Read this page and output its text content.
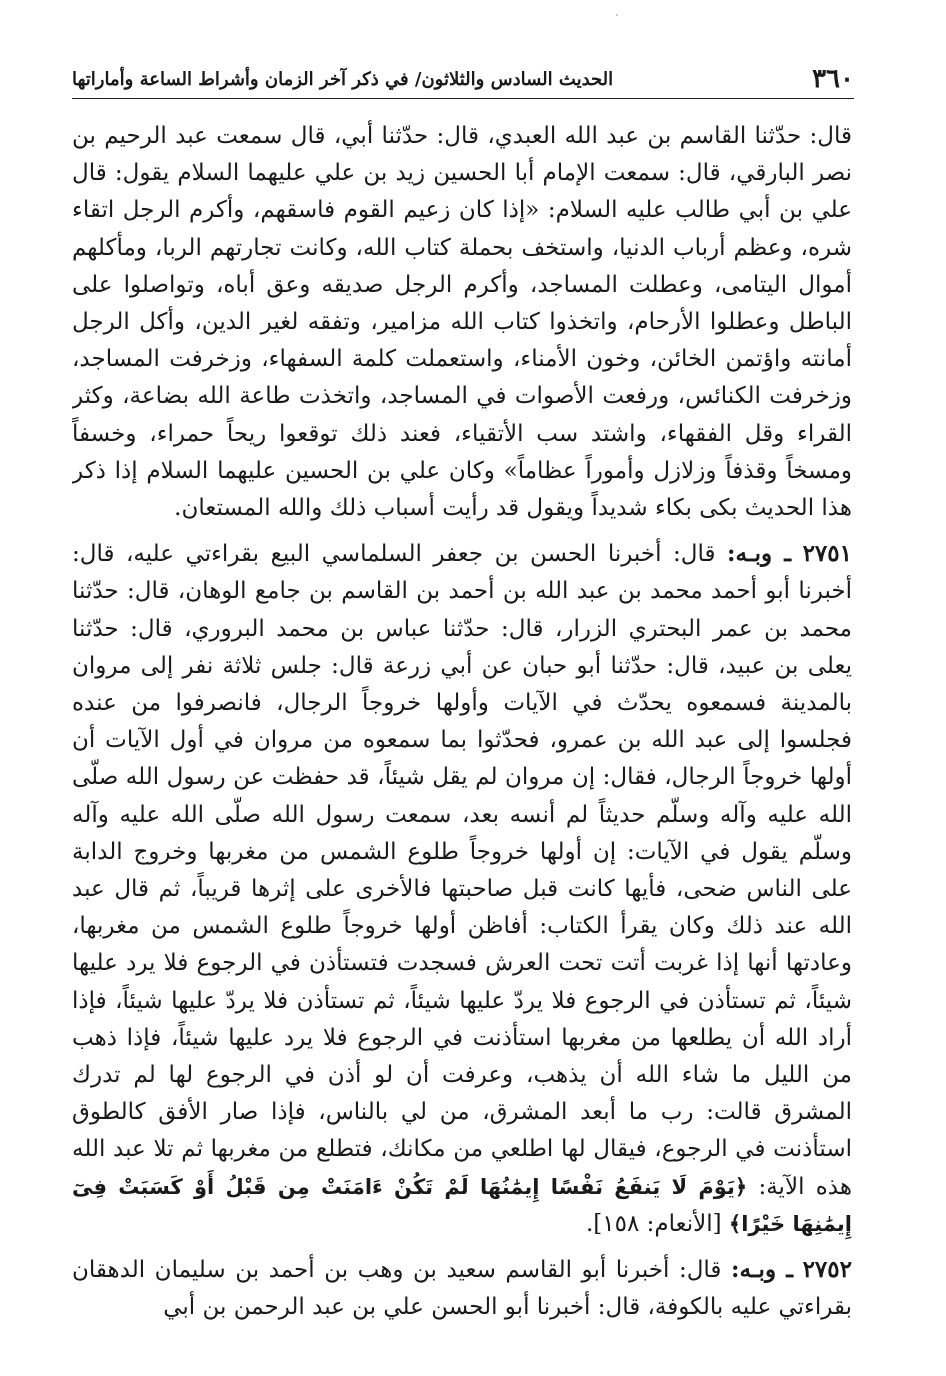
٣٦٠
الحديث السادس والثلاثون/ في ذكر آخر الزمان وأشراط الساعة وأماراتها

قال: حدّثنا القاسم بن عبد الله العبدي، قال: حدّثنا أبي، قال سمعت عبد الرحيم بن نصر البارقي، قال: سمعت الإمام أبا الحسين زيد بن علي عليهما السلام يقول: قال علي بن أبي طالب عليه السلام: «إذا كان زعيم القوم فاسقهم، وأكرم الرجل اتقاء شره، وعظم أرباب الدنيا، واستخف بحملة كتاب الله، وكانت تجارتهم الربا، ومأكلهم أموال اليتامى، وعطلت المساجد، وأكرم الرجل صديقه وعق أباه، وتواصلوا على الباطل وعطلوا الأرحام، واتخذوا كتاب الله مزامير، وتفقه لغير الدين، وأكل الرجل أمانته واؤتمن الخائن، وخون الأمناء، واستعملت كلمة السفهاء، وزخرفت المساجد، وزخرفت الكنائس، ورفعت الأصوات في المساجد، واتخذت طاعة الله بضاعة، وكثر القراء وقل الفقهاء، واشتد سب الأتقياء، فعند ذلك توقعوا ريحاً حمراء، وخسفاً ومسخاً وقذفاً وزلازل وأموراً عظاماً» وكان علي بن الحسين عليهما السلام إذا ذكر هذا الحديث بكى بكاء شديداً ويقول قد رأيت أسباب ذلك والله المستعان.

٢٧٥١ ـ وبـه: قال: أخبرنا الحسن بن جعفر السلماسي البيع بقراءتي عليه، قال: أخبرنا أبو أحمد محمد بن عبد الله بن أحمد بن القاسم بن جامع الوهان، قال: حدّثنا محمد بن عمر البحتري الزرار، قال: حدّثنا عباس بن محمد البروري، قال: حدّثنا يعلى بن عبيد، قال: حدّثنا أبو حبان عن أبي زرعة قال: جلس ثلاثة نفر إلى مروان بالمدينة فسمعوه يحدّث في الآيات وأولها خروجاً الرجال، فانصرفوا من عنده فجلسوا إلى عبد الله بن عمرو، فحدّثوا بما سمعوه من مروان في أول الآيات أن أولها خروجاً الرجال، فقال: إن مروان لم يقل شيئاً، قد حفظت عن رسول الله صلّى الله عليه وآله وسلّم حديثاً لم أنسه بعد، سمعت رسول الله صلّى الله عليه وآله وسلّم يقول في الآيات: إن أولها خروجاً طلوع الشمس من مغربها وخروج الدابة على الناس ضحى، فأيها كانت قبل صاحبتها فالأخرى على إثرها قريباً، ثم قال عبد الله عند ذلك وكان يقرأ الكتاب: أفاظن أولها خروجاً طلوع الشمس من مغربها، وعادتها أنها إذا غربت أتت تحت العرش فسجدت فتستأذن في الرجوع فلا يرد عليها شيئاً، ثم تستأذن في الرجوع فلا يردّ عليها شيئاً، ثم تستأذن فلا يردّ عليها شيئاً، فإذا أراد الله أن يطلعها من مغربها استأذنت في الرجوع فلا يرد عليها شيئاً، فإذا ذهب من الليل ما شاء الله أن يذهب، وعرفت أن لو أذن في الرجوع لها لم تدرك المشرق قالت: رب ما أبعد المشرق، من لي بالناس، فإذا صار الأفق كالطوق استأذنت في الرجوع، فيقال لها اطلعي من مكانك، فتطلع من مغربها ثم تلا عبد الله هذه الآية: ﴿يَوْمَ لَا يَنفَعُ نَفْسًا إِيمَٰنُهَا لَمْ تَكُنْ ءَامَنَتْ مِن قَبْلُ أَوْ كَسَبَتْ فِىٓ إِيمَٰنِهَا خَيْرًا﴾ [الأنعام: ١٥٨].

٢٧٥٢ ـ وبـه: قال: أخبرنا أبو القاسم سعيد بن وهب بن أحمد بن سليمان الدهقان بقراءتي عليه بالكوفة، قال: أخبرنا أبو الحسن علي بن عبد الرحمن بن أبي
